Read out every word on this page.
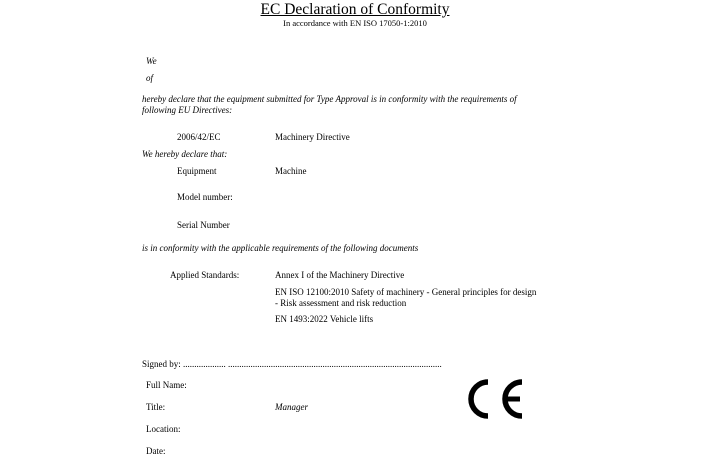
EC Declaration of Conformity
In accordance with EN ISO 17050-1:2010
We
of
hereby declare that the equipment submitted for Type Approval is in conformity with the requirements of
following EU Directives:
2006/42/EC	Machinery Directive
We hereby declare that:
Equipment	Machine
Model number:
Serial Number
is in conformity with the applicable requirements of the following documents
Applied Standards:	Annex I of the Machinery Directive
EN ISO 12100:2010 Safety of machinery - General principles for design
- Risk assessment and risk reduction
EN 1493:2022 Vehicle lifts
Signed by: ................... ...............................................................................................
Full Name:
Title:	Manager
Location:
Date:
